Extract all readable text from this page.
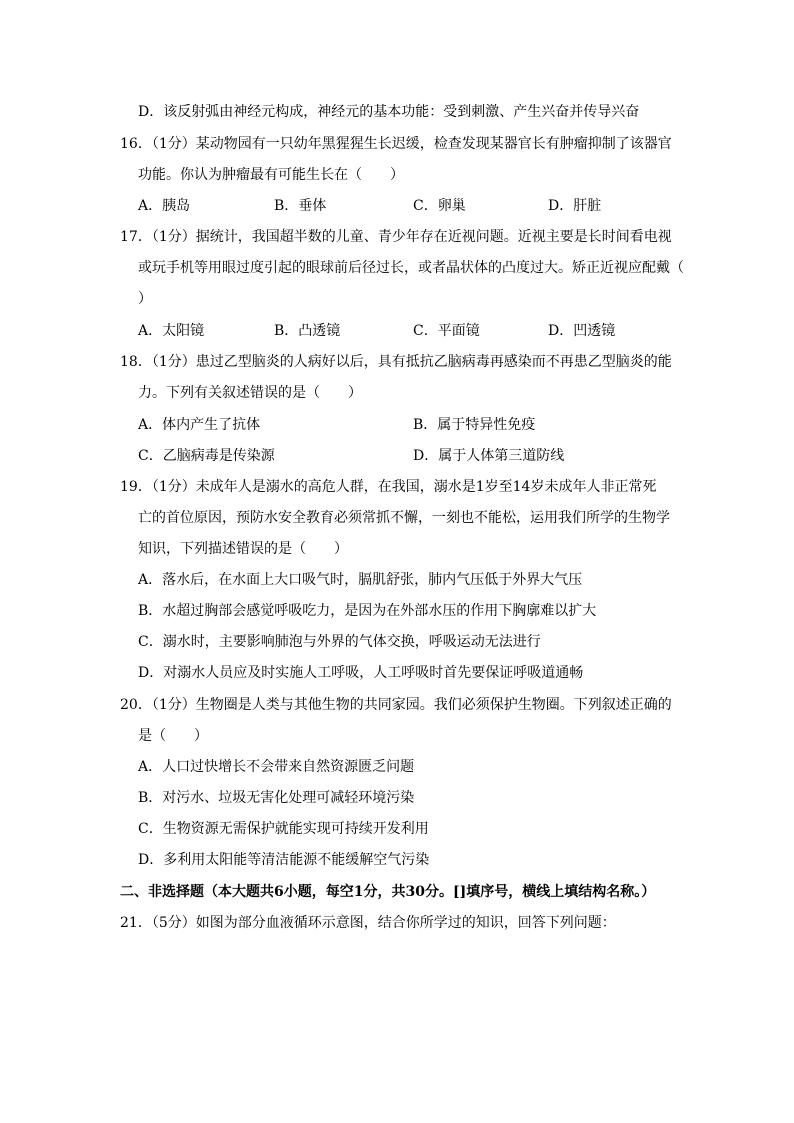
D．该反射弧由神经元构成，神经元的基本功能：受到刺激、产生兴奋并传导兴奋
16．（1分）某动物园有一只幼年黑猩猩生长迟缓，检查发现某器官长有肿瘤抑制了该器官
功能。你认为肿瘤最有可能生长在（　　）
A．胰岛	B．垂体	C．卵巢	D．肝脏
17．（1分）据统计，我国超半数的儿童、青少年存在近视问题。近视主要是长时间看电视
或玩手机等用眼过度引起的眼球前后径过长，或者晶状体的凸度过大。矫正近视应配戴（
）
A．太阳镜	B．凸透镜	C．平面镜	D．凹透镜
18．（1分）患过乙型脑炎的人病好以后，具有抵抗乙脑病毒再感染而不再患乙型脑炎的能
力。下列有关叙述错误的是（　　）
A．体内产生了抗体	B．属于特异性免疫
C．乙脑病毒是传染源	D．属于人体第三道防线
19．（1分）未成年人是溺水的高危人群，在我国，溺水是1岁至14岁未成年人非正常死
亡的首位原因，预防水安全教育必须常抓不懈，一刻也不能松，运用我们所学的生物学
知识，下列描述错误的是（　　）
A．落水后，在水面上大口吸气时，膈肌舒张，肺内气压低于外界大气压
B．水超过胸部会感觉呼吸吃力，是因为在外部水压的作用下胸廓难以扩大
C．溺水时，主要影响肺泡与外界的气体交换，呼吸运动无法进行
D．对溺水人员应及时实施人工呼吸，人工呼吸时首先要保证呼吸道通畅
20．（1分）生物圈是人类与其他生物的共同家园。我们必须保护生物圈。下列叙述正确的
是（　　）
A．人口过快增长不会带来自然资源匮乏问题
B．对污水、垃圾无害化处理可减轻环境污染
C．生物资源无需保护就能实现可持续开发利用
D．多利用太阳能等清洁能源不能缓解空气污染
二、非选择题（本大题共6小题，每空1分，共30分。[]填序号，横线上填结构名称。）
21．（5分）如图为部分血液循环示意图，结合你所学过的知识，回答下列问题：
